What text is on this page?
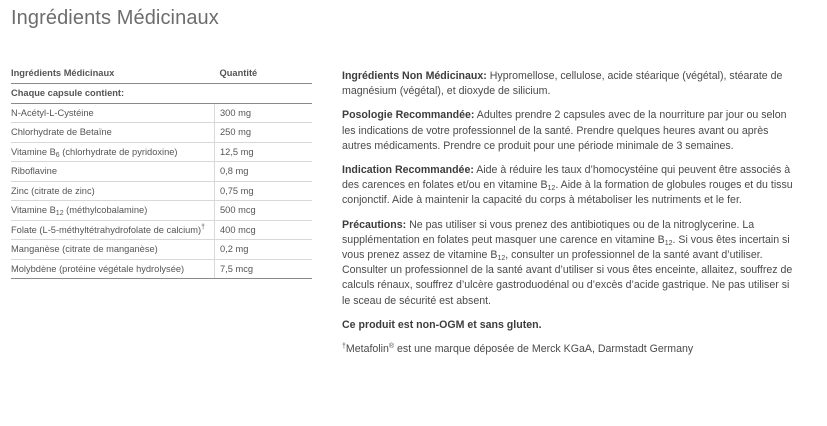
Ingrédients Médicinaux
Ingrédients Médicinaux	Quantité
Chaque capsule contient:	
N-Acétyl-L-Cystéine	300 mg
Chlorhydrate de Betaïne	250 mg
Vitamine $B_6$ (chlorhydrate de pyridoxine)	12,5 mg
Riboflavine	0,8 mg
Zinc (citrate de zinc)	0,75 mg
Vitamine $B_{12}$ (méthylcobalamine)	500 mcg
Folate (L-5-méthyltétrahydrofolate de calcium)†	400 mcg
Manganèse (citrate de manganèse)	0,2 mg
Molybdène (protéine végétale hydrolysée)	7,5 mcg

Ingrédients Non Médicinaux: Hypromellose, cellulose, acide stéarique (végétal), stéarate de magnésium (végétal), et dioxyde de silicium.

Posologie Recommandée: Adultes prendre 2 capsules avec de la nourriture par jour ou selon les indications de votre professionnel de la santé. Prendre quelques heures avant ou après autres médicaments. Prendre ce produit pour une période minimale de 3 semaines.

Indication Recommandée: Aide à réduire les taux d’homocystéine qui peuvent être associés à des carences en folates et/ou en vitamine $B_{12}$. Aide à la formation de globules rouges et du tissu conjonctif. Aide à maintenir la capacité du corps à métaboliser les nutriments et le fer.

Précautions: Ne pas utiliser si vous prenez des antibiotiques ou de la nitroglycerine. La supplémentation en folates peut masquer une carence en vitamine $B_{12}$. Si vous êtes incertain si vous prenez assez de vitamine $B_{12}$, consulter un professionnel de la santé avant d’utiliser. Consulter un professionnel de la santé avant d’utiliser si vous êtes enceinte, allaitez, souffrez de calculs rénaux, souffrez d’ulcère gastroduodénal ou d’excès d’acide gastrique. Ne pas utiliser si le sceau de sécurité est absent.

Ce produit est non-OGM et sans gluten.

†Metafolin® est une marque déposée de Merck KGaA, Darmstadt Germany
